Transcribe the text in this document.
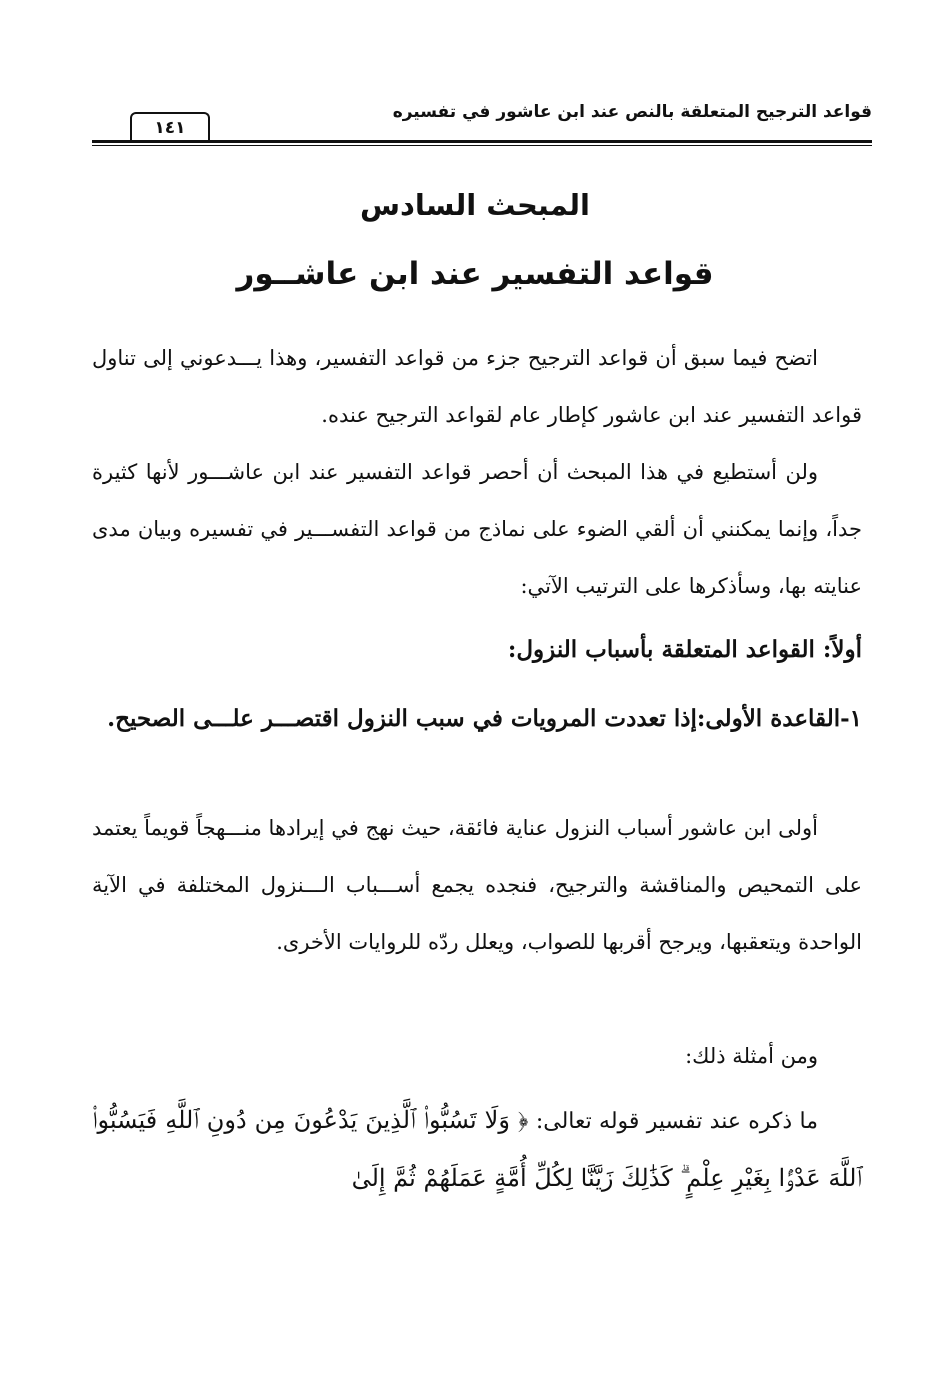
قواعد الترجيح المتعلقة بالنص عند ابن عاشور في تفسيره
١٤١
المبحث السادس
قواعد التفسير عند ابن عاشــور

اتضح فيما سبق أن قواعد الترجيح جزء من قواعد التفسير، وهذا يـــدعوني إلى تناول قواعد التفسير عند ابن عاشور كإطار عام لقواعد الترجيح عنده.

ولن أستطيع في هذا المبحث أن أحصر قواعد التفسير عند ابن عاشـــور لأنها كثيرة جداً، وإنما يمكنني أن ألقي الضوء على نماذج من قواعد التفســـير في تفسيره وبيان مدى عنايته بها، وسأذكرها على الترتيب الآتي:

أولاً: القواعد المتعلقة بأسباب النزول:
١-القاعدة الأولى:إذا تعددت المرويات في سبب النزول اقتصـــر علـــى الصحيح.

أولى ابن عاشور أسباب النزول عناية فائقة، حيث نهج في إيرادها منـــهجاً قويماً يعتمد على التمحيص والمناقشة والترجيح، فنجده يجمع أســـباب الـــنزول المختلفة في الآية الواحدة ويتعقبها، ويرجح أقربها للصواب، ويعلل ردّه للروايات الأخرى.

ومن أمثلة ذلك:

ما ذكره عند تفسير قوله تعالى: ﴿ وَلَا تَسُبُّوا۟ ٱلَّذِينَ يَدْعُونَ مِن دُونِ ٱللَّهِ فَيَسُبُّوا۟ ٱللَّهَ عَدْوًۢا بِغَيْرِ عِلْمٍ ۗ كَذَٰلِكَ زَيَّنَّا لِكُلِّ أُمَّةٍ عَمَلَهُمْ ثُمَّ إِلَىٰ
